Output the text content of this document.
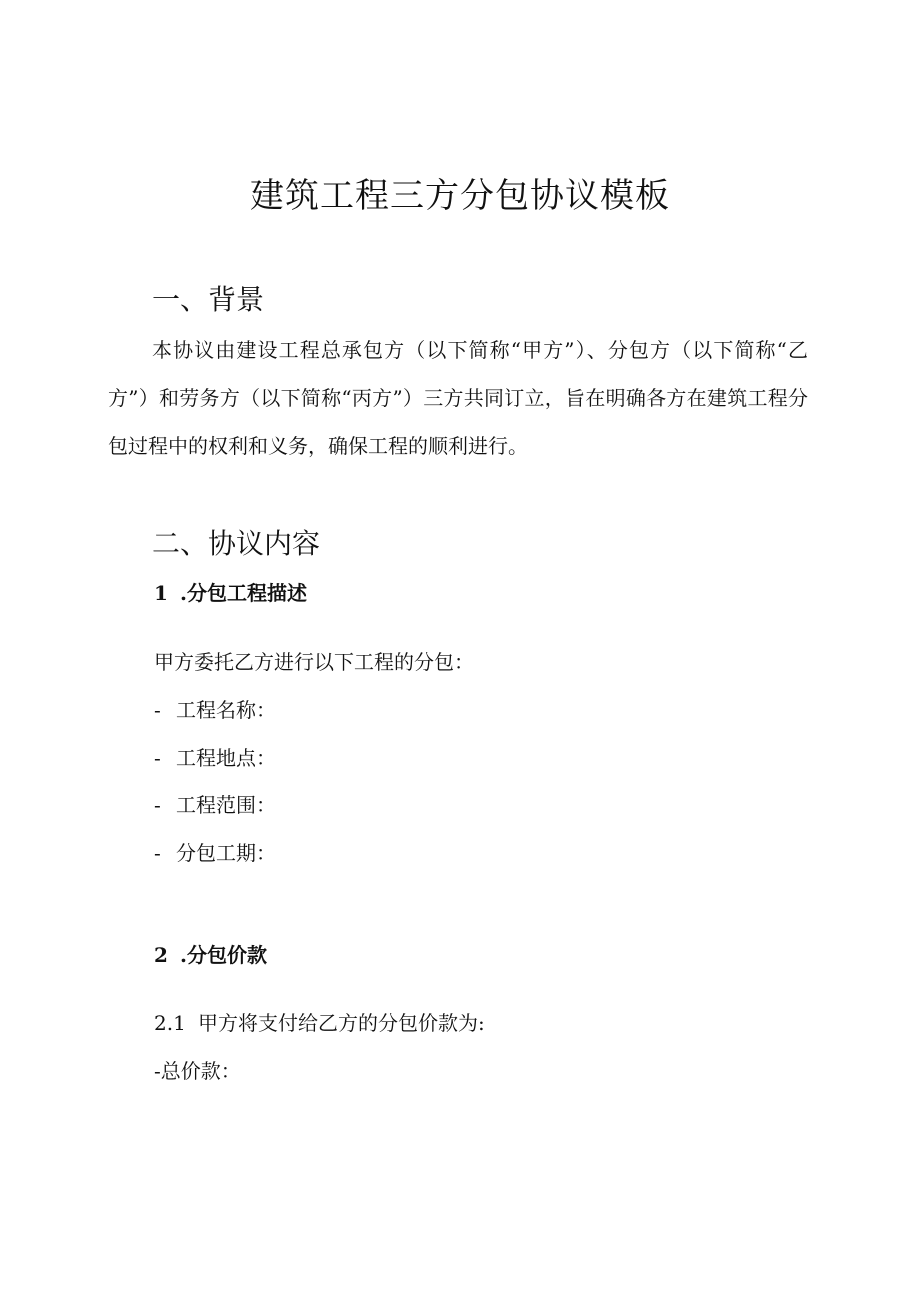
建筑工程三方分包协议模板
一、背景
本协议由建设工程总承包方（以下简称“甲方”）、分包方（以下简称“乙方”）和劳务方（以下简称“丙方”）三方共同订立，旨在明确各方在建筑工程分包过程中的权利和义务，确保工程的顺利进行。
二、协议内容
1 .分包工程描述
甲方委托乙方进行以下工程的分包：
- 工程名称：
- 工程地点：
- 工程范围：
- 分包工期：
2 .分包价款
2.1 甲方将支付给乙方的分包价款为:
-总价款：
